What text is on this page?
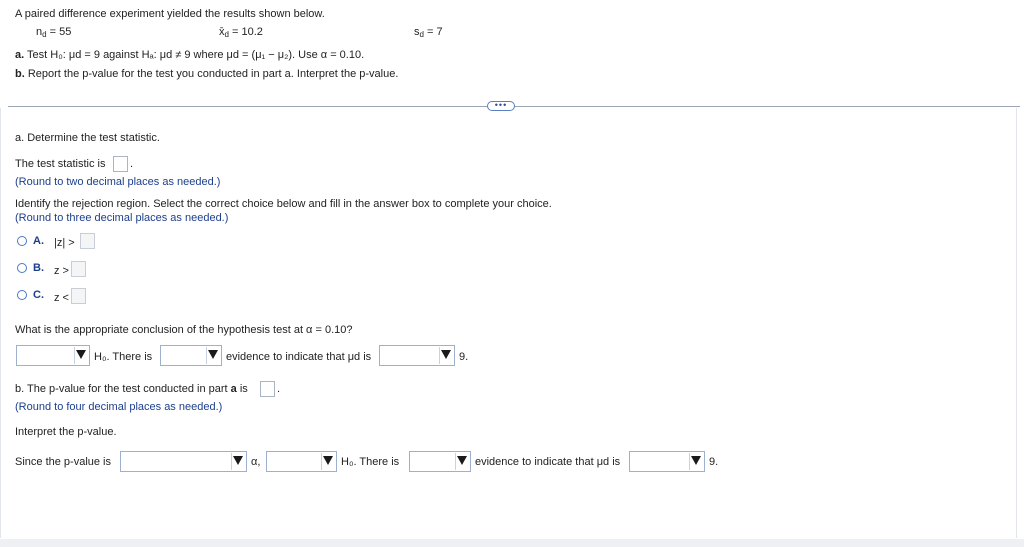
A paired difference experiment yielded the results shown below.
$n_d = 55$	$x̄_d = 10.2$	$s_d = 7$
a. Test H₀: μd = 9 against Hₐ: μd ≠ 9 where μd = (μ₁ − μ₂). Use α = 0.10.
b. Report the p-value for the test you conducted in part a. Interpret the p-value.
•••
a. Determine the test statistic.
The test statistic is .
(Round to two decimal places as needed.)
Identify the rejection region. Select the correct choice below and fill in the answer box to complete your choice.
(Round to three decimal places as needed.)
A. |z| >
B. z >
C. z <
What is the appropriate conclusion of the hypothesis test at α = 0.10?
H₀. There is	evidence to indicate that μd is	9.
b. The p-value for the test conducted in part a is	.
(Round to four decimal places as needed.)
Interpret the p-value.
Since the p-value is	α,	H₀. There is	evidence to indicate that μd is	9.
